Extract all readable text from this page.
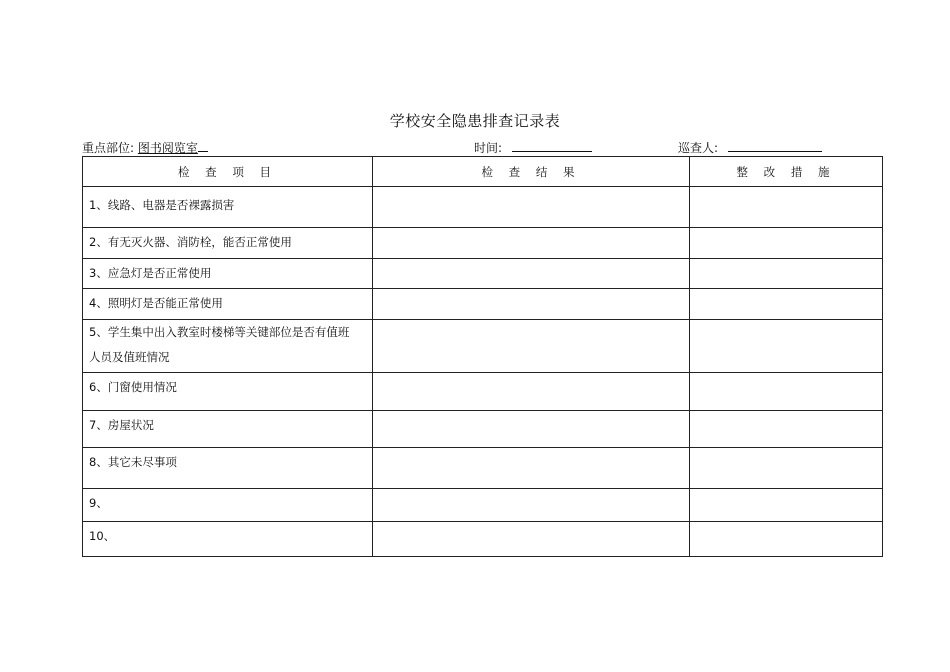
学校安全隐患排查记录表
重点部位: 图书阅览室	时间:	巡查人:
检 查 项 目	检 查 结 果	整 改 措 施
1、线路、电器是否裸露损害		
2、有无灭火器、消防栓，能否正常使用		
3、应急灯是否正常使用		
4、照明灯是否能正常使用		
5、学生集中出入教室时楼梯等关键部位是否有值班人员及值班情况		
6、门窗使用情况		
7、房屋状况		
8、其它未尽事项		
9、		
10、		
